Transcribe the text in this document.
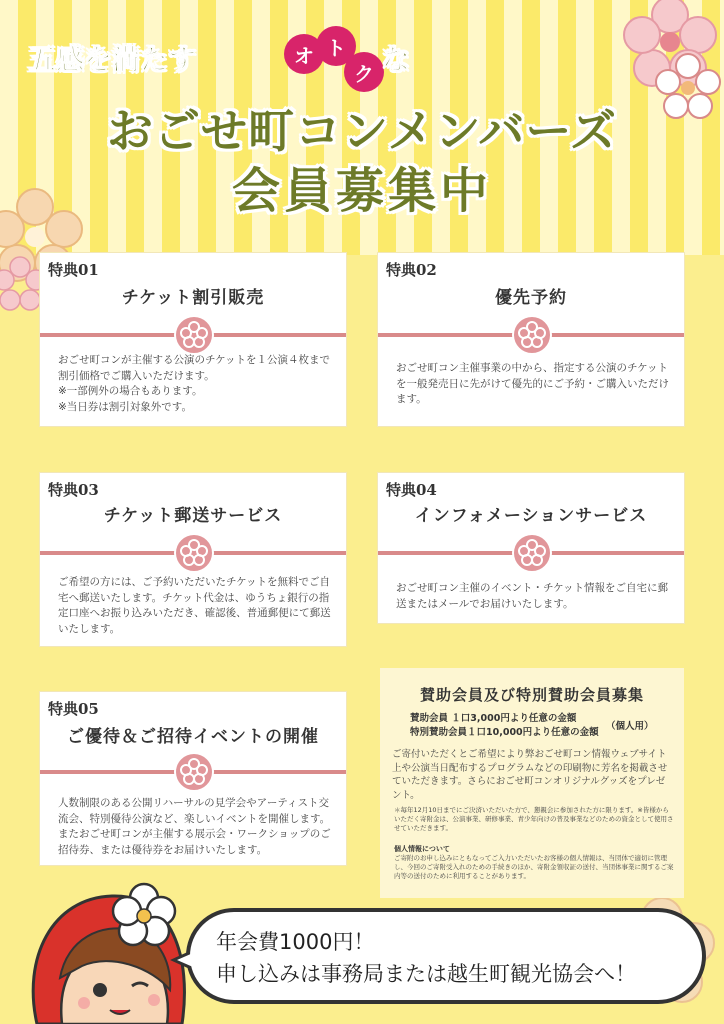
五感を満たす	オ ト
ク な
おごせ町コンメンバーズ
会員募集中
特典01
チケット割引販売

おごせ町コンが主催する公演のチケットを１公演４枚まで割引価格でご購入いただけます。

※一部例外の場合もあります。

※当日券は割引対象外です。

特典02
優先予約

おごせ町コン主催事業の中から、指定する公演のチケットを一般発売日に先がけて優先的にご予約・ご購入いただけます。

特典03
チケット郵送サービス

ご希望の方には、ご予約いただいたチケットを無料でご自宅へ郵送いたします。チケット代金は、ゆうちょ銀行の指定口座へお振り込みいただき、確認後、普通郵便にて郵送いたします。

特典04
インフォメーションサービス

おごせ町コン主催のイベント・チケット情報をご自宅に郵送またはメールでお届けいたします。

特典05
ご優待＆ご招待イベントの開催

人数制限のある公開リハーサルの見学会やアーティスト交流会、特別優待公演など、楽しいイベントを開催します。またおごせ町コンが主催する展示会・ワークショップのご招待券、または優待券をお届けいたします。

賛助会員及び特別賛助会員募集
賛助会員 １口3,000円より任意の金額
特別賛助会員１口10,000円より任意の金額
（個人用）
ご寄付いただくとご希望により弊おごせ町コン情報ウェブサイト上や公演当日配布するプログラムなどの印刷物に芳名を掲載させていただきます。さらにおごせ町コンオリジナルグッズをプレゼント。
＊毎年12月10日までにご決済いただいた方で、懇親会に参加された方に限ります。※皆様からいただく寄附金は、公演事業、研修事業、青少年向けの普及事業などのための資金として使用させていただきます。
個人情報について
ご寄附のお申し込みにともなってご入力いただいたお客様の個人情報は、当団体で適切に管理し、今回のご寄附受入れのための手続きのほか、寄附金領収証の送付、当団体事業に関するご案内等の送付のために利用することがあります。
年会費1000円！
申し込みは事務局または越生町観光協会へ！
